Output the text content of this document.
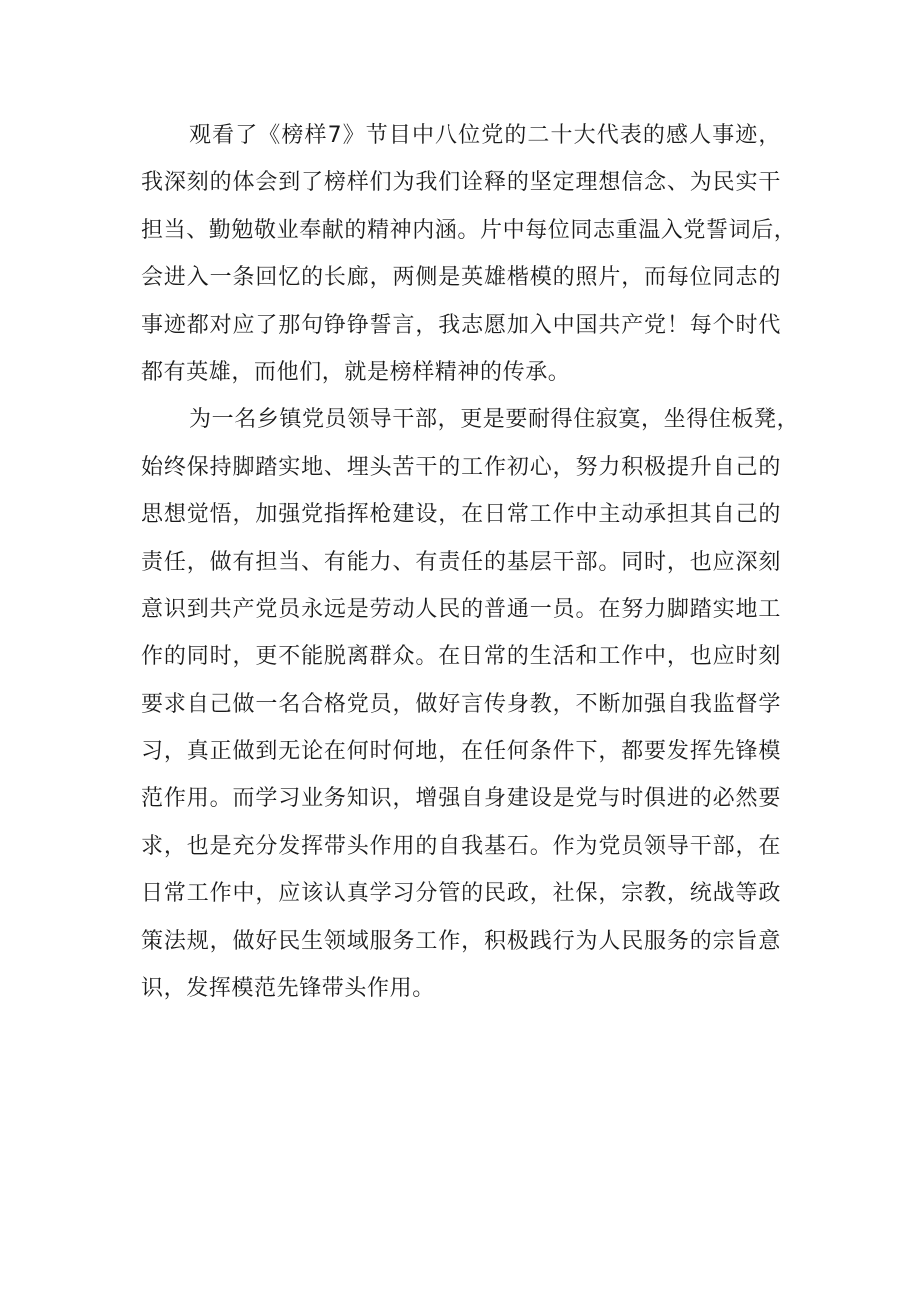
观看了《榜样7》节目中八位党的二十大代表的感人事迹，
我深刻的体会到了榜样们为我们诠释的坚定理想信念、为民实干
担当、勤勉敬业奉献的精神内涵。片中每位同志重温入党誓词后，
会进入一条回忆的长廊，两侧是英雄楷模的照片，而每位同志的
事迹都对应了那句铮铮誓言，我志愿加入中国共产党！每个时代
都有英雄，而他们，就是榜样精神的传承。
为一名乡镇党员领导干部，更是要耐得住寂寞，坐得住板凳，
始终保持脚踏实地、埋头苦干的工作初心，努力积极提升自己的
思想觉悟，加强党指挥枪建设，在日常工作中主动承担其自己的
责任，做有担当、有能力、有责任的基层干部。同时，也应深刻
意识到共产党员永远是劳动人民的普通一员。在努力脚踏实地工
作的同时，更不能脱离群众。在日常的生活和工作中，也应时刻
要求自己做一名合格党员，做好言传身教，不断加强自我监督学
习，真正做到无论在何时何地，在任何条件下，都要发挥先锋模
范作用。而学习业务知识，增强自身建设是党与时俱进的必然要
求，也是充分发挥带头作用的自我基石。作为党员领导干部，在
日常工作中，应该认真学习分管的民政，社保，宗教，统战等政
策法规，做好民生领域服务工作，积极践行为人民服务的宗旨意
识，发挥模范先锋带头作用。
